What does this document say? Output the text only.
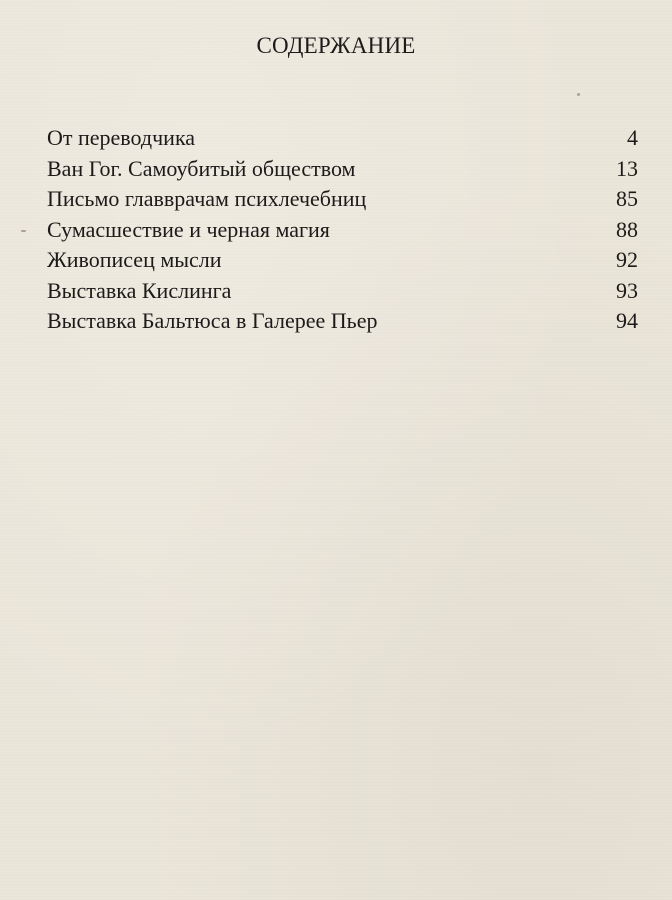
СОДЕРЖАНИЕ
От переводчика	4
Ван Гог. Самоубитый обществом	13
Письмо главврачам психлечебниц	85
Сумасшествие и черная магия	88
Живописец мысли	92
Выставка Кислинга	93
Выставка Бальтюса в Галерее Пьер	94
